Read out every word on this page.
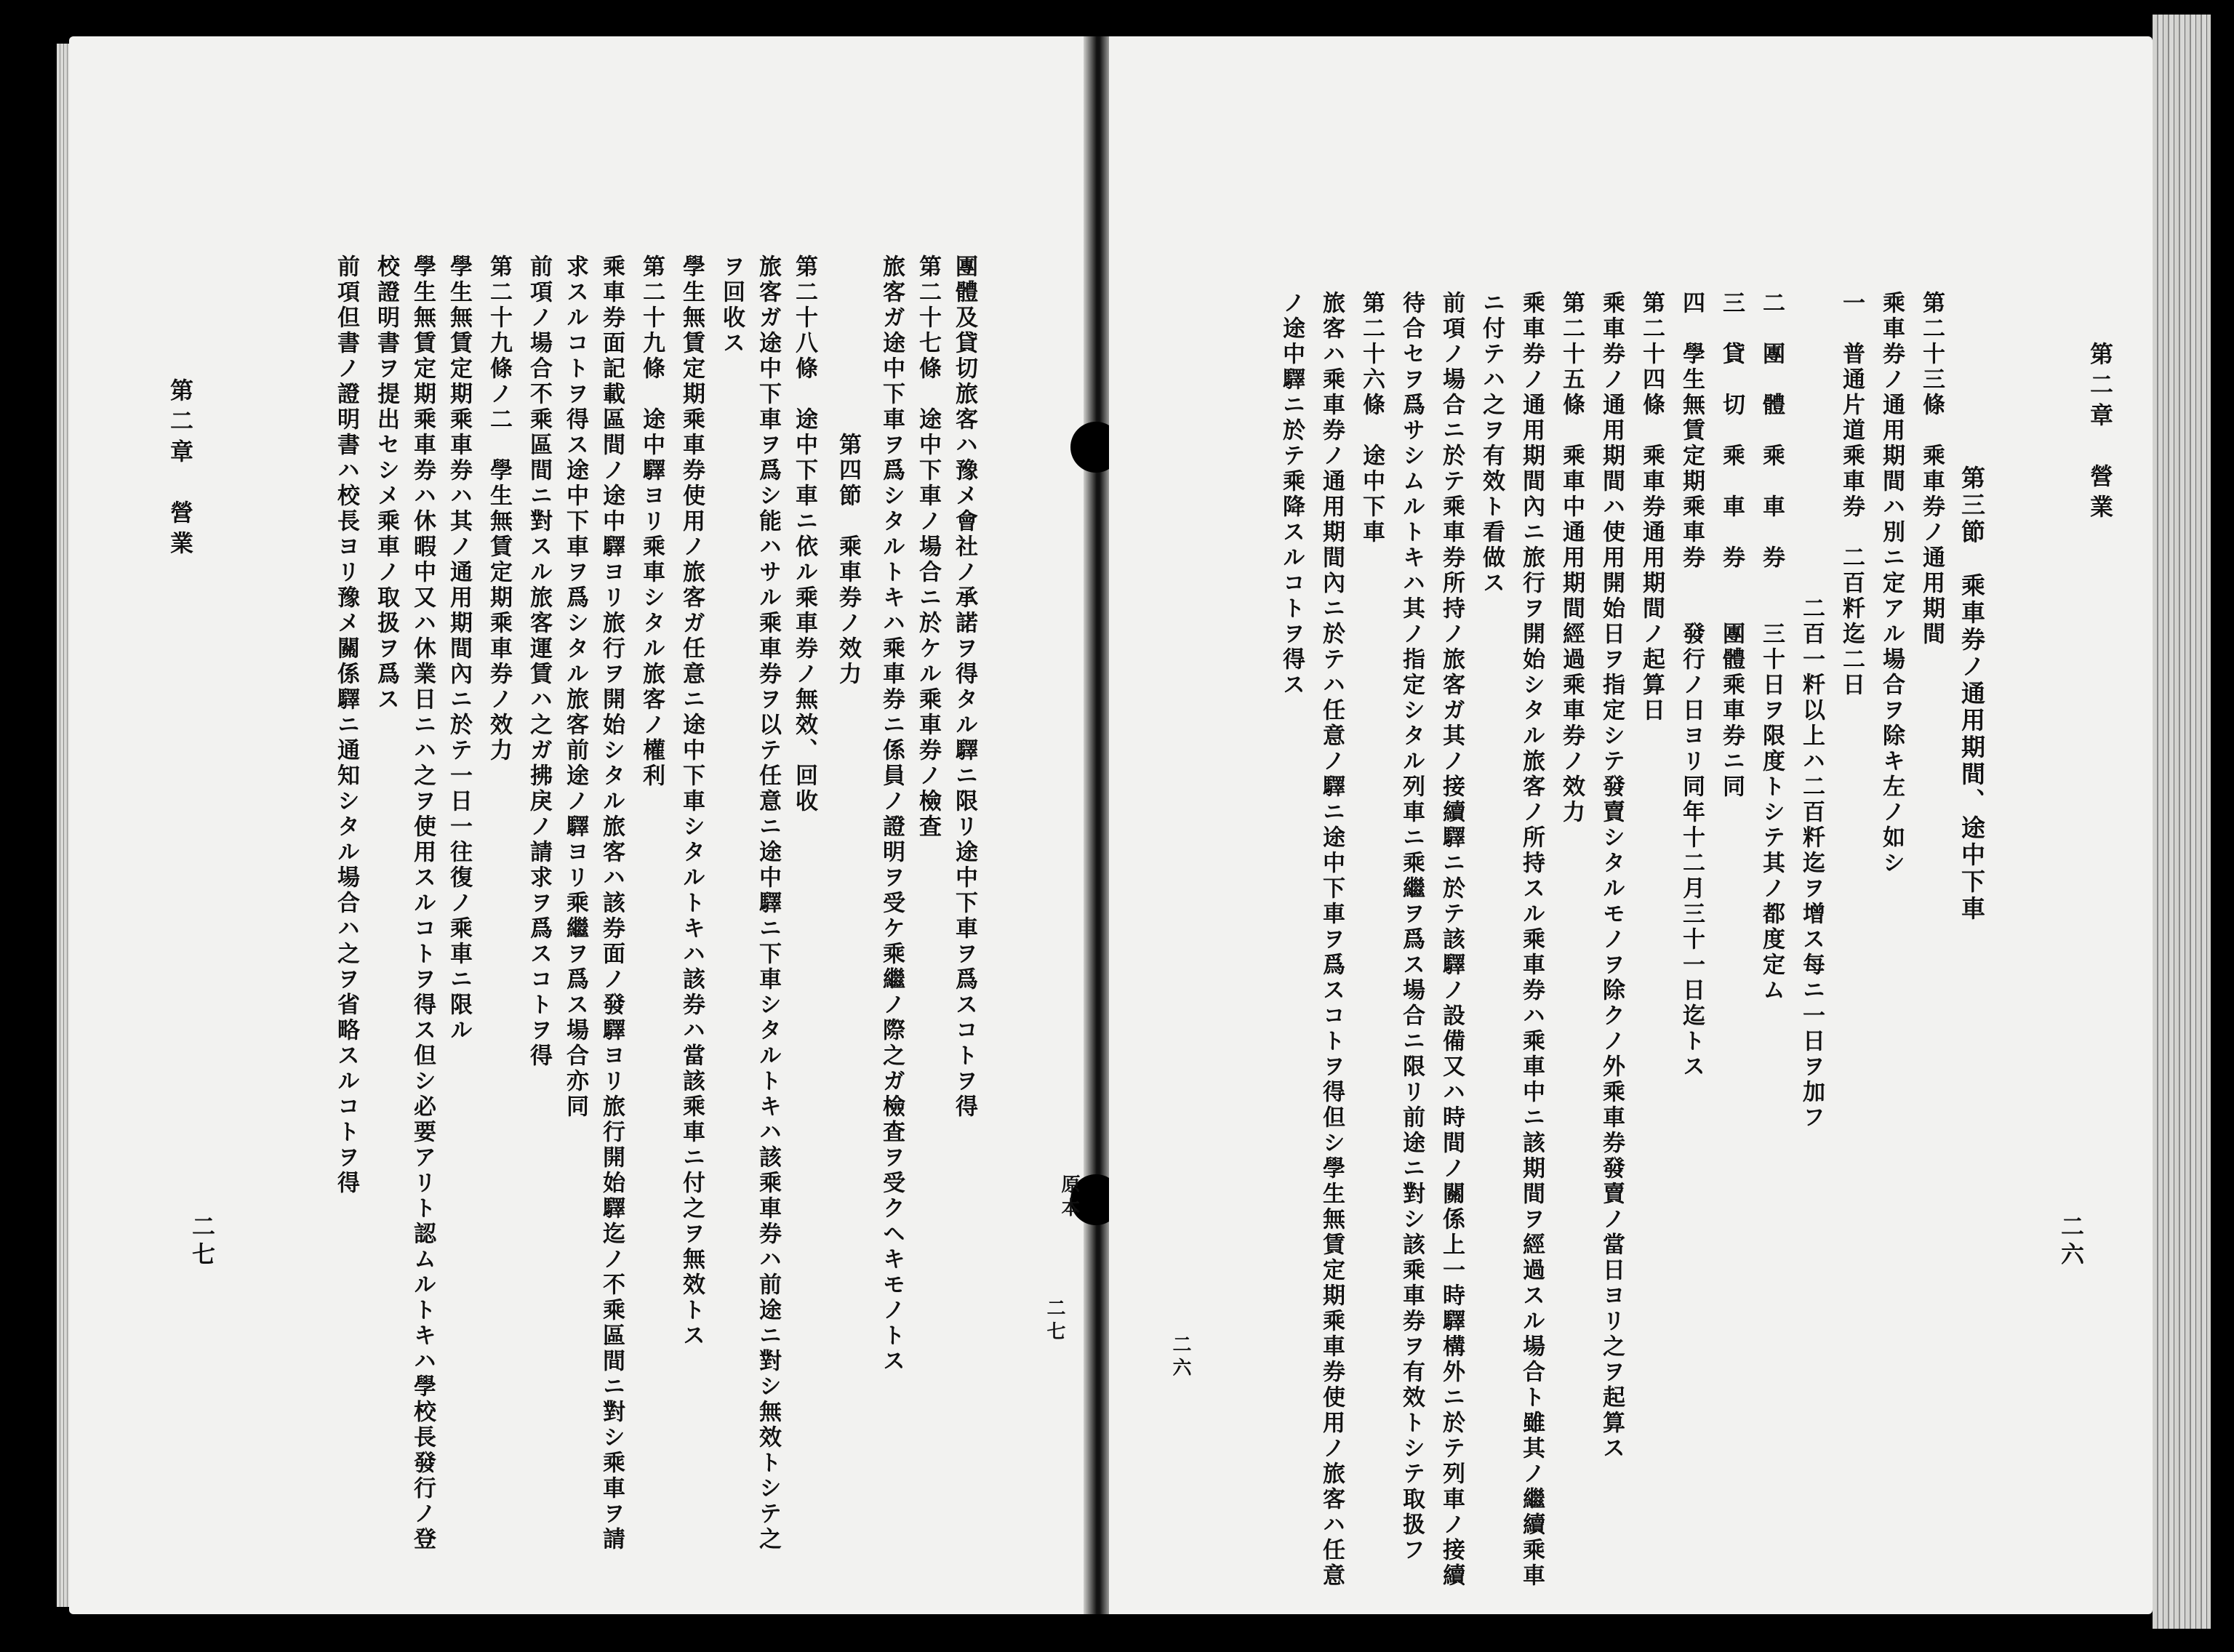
第二章　營業
二七
團體及貸切旅客ハ豫メ會社ノ承諾ヲ得タル驛ニ限リ途中下車ヲ爲スコトヲ得
第二十七條　途中下車ノ場合ニ於ケル乘車券ノ檢査
旅客ガ途中下車ヲ爲シタルトキハ乘車券ニ係員ノ證明ヲ受ケ乘繼ノ際之ガ檢査ヲ受クヘキモノトス
第四節　乘車券ノ效力
第二十八條　途中下車ニ依ル乘車券ノ無效、回收
旅客ガ途中下車ヲ爲シ能ハサル乘車券ヲ以テ任意ニ途中驛ニ下車シタルトキハ該乘車券ハ前途ニ對シ無效トシテ之
ヲ回收ス
學生無賃定期乘車券使用ノ旅客ガ任意ニ途中下車シタルトキハ該券ハ當該乘車ニ付之ヲ無效トス
第二十九條　途中驛ヨリ乘車シタル旅客ノ權利
乘車券面記載區間ノ途中驛ヨリ旅行ヲ開始シタル旅客ハ該券面ノ發驛ヨリ旅行開始驛迄ノ不乘區間ニ對シ乘車ヲ請
求スルコトヲ得ス途中下車ヲ爲シタル旅客前途ノ驛ヨリ乘繼ヲ爲ス場合亦同
前項ノ場合不乘區間ニ對スル旅客運賃ハ之ガ拂戾ノ請求ヲ爲スコトヲ得
第二十九條ノ二　學生無賃定期乘車券ノ效力
學生無賃定期乘車券ハ其ノ通用期間內ニ於テ一日一往復ノ乘車ニ限ル
學生無賃定期乘車券ハ休暇中又ハ休業日ニハ之ヲ使用スルコトヲ得ス但シ必要アリト認ムルトキハ學校長發行ノ登
校證明書ヲ提出セシメ乘車ノ取扱ヲ爲ス
前項但書ノ證明書ハ校長ヨリ豫メ關係驛ニ通知シタル場合ハ之ヲ省略スルコトヲ得
原本
二七
第二章　營業
二六
二六
第三節　乘車券ノ通用期間、途中下車
第二十三條　乘車券ノ通用期間
乘車券ノ通用期間ハ別ニ定アル場合ヲ除キ左ノ如シ
一　普通片道乘車券　二百粁迄二日
二百一粁以上ハ二百粁迄ヲ增ス每ニ一日ヲ加フ
二　團　體　乘　車　券　　三十日ヲ限度トシテ其ノ都度定ム
三　貸　切　乘　車　券　　團體乘車券ニ同
四　學生無賃定期乘車券　　發行ノ日ヨリ同年十二月三十一日迄トス
第二十四條　乘車券通用期間ノ起算日
乘車券ノ通用期間ハ使用開始日ヲ指定シテ發賣シタルモノヲ除クノ外乘車券發賣ノ當日ヨリ之ヲ起算ス
第二十五條　乘車中通用期間經過乘車券ノ效力
乘車券ノ通用期間內ニ旅行ヲ開始シタル旅客ノ所持スル乘車券ハ乘車中ニ該期間ヲ經過スル場合ト雖其ノ繼續乘車
ニ付テハ之ヲ有效ト看做ス
前項ノ場合ニ於テ乘車券所持ノ旅客ガ其ノ接續驛ニ於テ該驛ノ設備又ハ時間ノ關係上一時驛構外ニ於テ列車ノ接續
待合セヲ爲サシムルトキハ其ノ指定シタル列車ニ乘繼ヲ爲ス場合ニ限リ前途ニ對シ該乘車券ヲ有效トシテ取扱フ
第二十六條　途中下車
旅客ハ乘車券ノ通用期間內ニ於テハ任意ノ驛ニ途中下車ヲ爲スコトヲ得但シ學生無賃定期乘車券使用ノ旅客ハ任意
ノ途中驛ニ於テ乘降スルコトヲ得ス
